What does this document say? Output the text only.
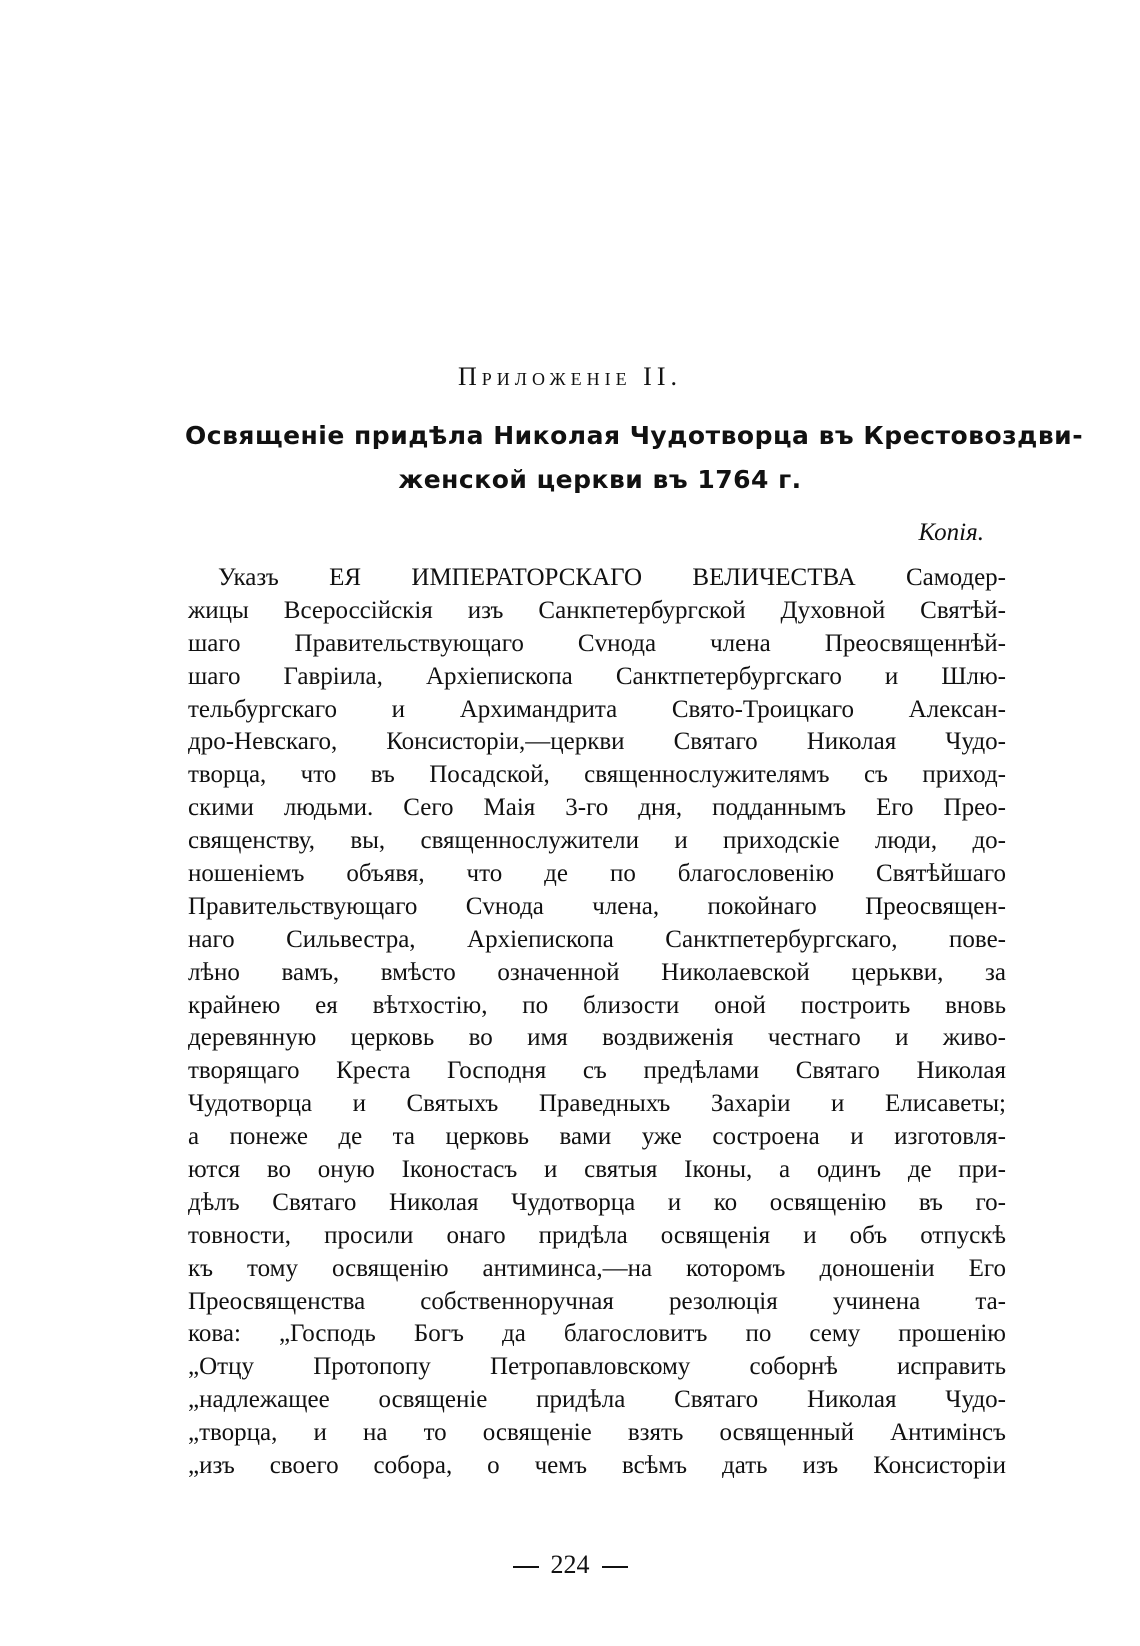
Приложеніе II.
Освященіе придѣла Николая Чудотворца въ Крестовоздви-
женской церкви въ 1764 г.
Копія.
Указъ ЕЯ ИМПЕРАТОРСКАГО ВЕЛИЧЕСТВА Самодер-
жицы Всероссійскія изъ Санкпетербургской Духовной Святѣй-
шаго Правительствующаго Сvнода члена Преосвященнѣй-
шаго Гавріила, Архіепископа Санктпетербургскаго и Шлю-
тельбургскаго и Архимандрита Свято-Троицкаго Алексан-
дро-Невскаго, Консисторіи,—церкви Святаго Николая Чудо-
творца, что въ Посадской, священнослужителямъ съ приход-
скими людьми. Сего Маія 3-го дня, подданнымъ Его Прео-
священству, вы, священнослужители и приходскіе люди, до-
ношеніемъ объявя, что де по благословенію Святѣйшаго
Правительствующаго Сvнода члена, покойнаго Преосвящен-
наго Сильвестра, Архіепископа Санктпетербургскаго, пове-
лѣно вамъ, вмѣсто означенной Николаевской церькви, за
крайнею ея вѣтхостію, по близости оной построить вновь
деревянную церковь во имя воздвиженія честнаго и живо-
творящаго Креста Господня съ предѣлами Святаго Николая
Чудотворца и Святыхъ Праведныхъ Захаріи и Елисаветы;
а понеже де та церковь вами уже состроена и изготовля-
ются во оную Іконостасъ и святыя Іконы, а одинъ де при-
дѣлъ Святаго Николая Чудотворца и ко освященію въ го-
товности, просили онаго придѣла освященія и объ отпускѣ
къ тому освященію антиминса,—на которомъ доношеніи Его
Преосвященства собственноручная резолюція учинена та-
кова: „Господь Богъ да благословитъ по сему прошенію
„Отцу Протопопу Петропавловскому соборнѣ исправить
„надлежащее освященіе придѣла Святаго Николая Чудо-
„творца, и на то освященіе взять освященный Антимінсъ
„изъ своего собора, о чемъ всѣмъ дать изъ Консисторіи
224
